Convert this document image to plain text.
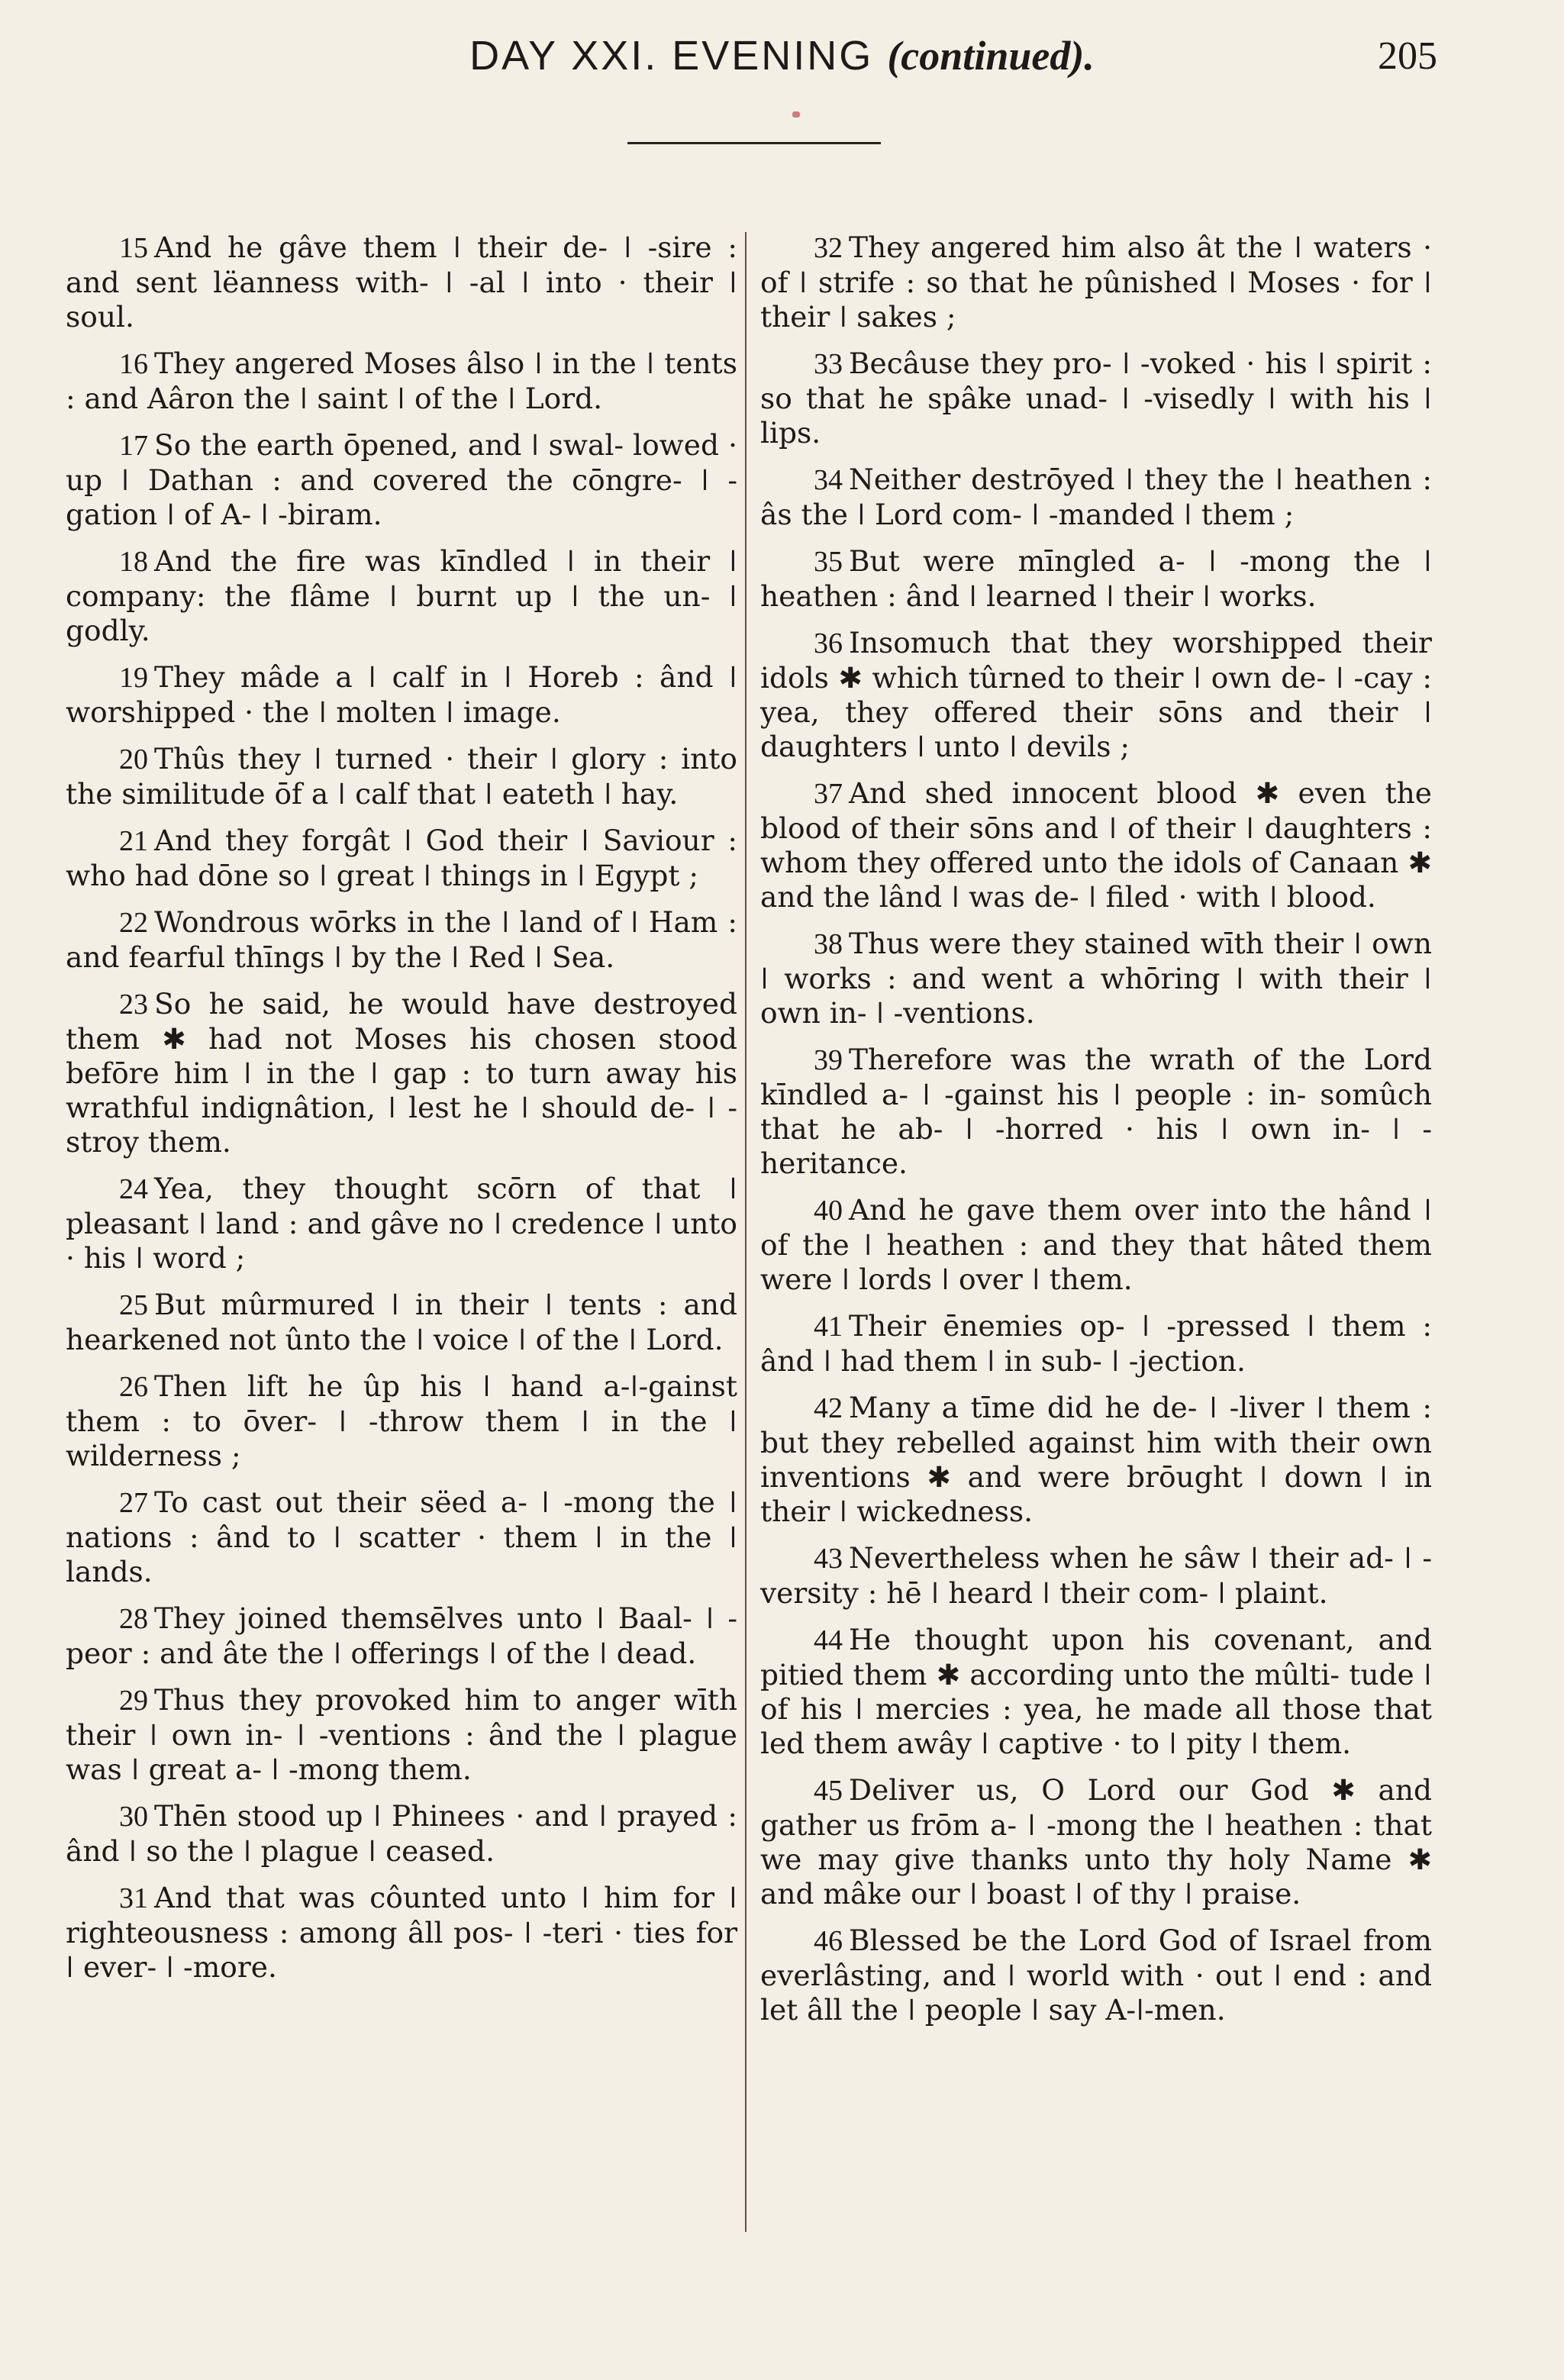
DAY XXI. EVENING (continued).	205

15 And he gâve them ǀ their de- ǀ -sire : and sent lëanness with- ǀ -al ǀ into · their ǀ soul.

16 They angered Moses âlso ǀ in the ǀ tents : and Aâron the ǀ saint ǀ of the ǀ Lord.

17 So the earth ōpened, and ǀ swal- lowed · up ǀ Dathan : and covered the cōngre- ǀ -gation ǀ of A- ǀ -biram.

18 And the fire was kīndled ǀ in their ǀ company: the flâme ǀ burnt up ǀ the un- ǀ godly.

19 They mâde a ǀ calf in ǀ Horeb : ând ǀ worshipped · the ǀ molten ǀ image.

20 Thûs they ǀ turned · their ǀ glory : into the similitude ōf a ǀ calf that ǀ eateth ǀ hay.

21 And they forgât ǀ God their ǀ Saviour : who had dōne so ǀ great ǀ things in ǀ Egypt ;

22 Wondrous wōrks in the ǀ land of ǀ Ham : and fearful thīngs ǀ by the ǀ Red ǀ Sea.

23 So he said, he would have destroyed them ✱ had not Moses his chosen stood befōre him ǀ in the ǀ gap : to turn away his wrathful indignâtion, ǀ lest he ǀ should de- ǀ -stroy them.

24 Yea, they thought scōrn of that ǀ pleasant ǀ land : and gâve no ǀ credence ǀ unto · his ǀ word ;

25 But mûrmured ǀ in their ǀ tents : and hearkened not ûnto the ǀ voice ǀ of the ǀ Lord.

26 Then lift he ûp his ǀ hand a-ǀ-gainst them : to ōver- ǀ -throw them ǀ in the ǀ wilderness ;

27 To cast out their sëed a- ǀ -mong the ǀ nations : ând to ǀ scatter · them ǀ in the ǀ lands.

28 They joined themsēlves unto ǀ Baal- ǀ -peor : and âte the ǀ offerings ǀ of the ǀ dead.

29 Thus they provoked him to anger wīth their ǀ own in- ǀ -ventions : ând the ǀ plague was ǀ great a- ǀ -mong them.

30 Thēn stood up ǀ Phinees · and ǀ prayed : ând ǀ so the ǀ plague ǀ ceased.

31 And that was côunted unto ǀ him for ǀ righteousness : among âll pos- ǀ -teri · ties for ǀ ever- ǀ -more.

32 They angered him also ât the ǀ waters · of ǀ strife : so that he pûnished ǀ Moses · for ǀ their ǀ sakes ;

33 Becâuse they pro- ǀ -voked · his ǀ spirit : so that he spâke unad- ǀ -visedly ǀ with his ǀ lips.

34 Neither destrōyed ǀ they the ǀ heathen : âs the ǀ Lord com- ǀ -manded ǀ them ;

35 But were mīngled a- ǀ -mong the ǀ heathen : ând ǀ learned ǀ their ǀ works.

36 Insomuch that they worshipped their idols ✱ which tûrned to their ǀ own de- ǀ -cay : yea, they offered their sōns and their ǀ daughters ǀ unto ǀ devils ;

37 And shed innocent blood ✱ even the blood of their sōns and ǀ of their ǀ daughters : whom they offered unto the idols of Canaan ✱ and the lând ǀ was de- ǀ filed · with ǀ blood.

38 Thus were they stained wīth their ǀ own ǀ works : and went a whōring ǀ with their ǀ own in- ǀ -ventions.

39 Therefore was the wrath of the Lord kīndled a- ǀ -gainst his ǀ people : in- somûch that he ab- ǀ -horred · his ǀ own in- ǀ -heritance.

40 And he gave them over into the hând ǀ of the ǀ heathen : and they that hâted them were ǀ lords ǀ over ǀ them.

41 Their ēnemies op- ǀ -pressed ǀ them : ând ǀ had them ǀ in sub- ǀ -jection.

42 Many a tīme did he de- ǀ -liver ǀ them : but they rebelled against him with their own inventions ✱ and were brōught ǀ down ǀ in their ǀ wickedness.

43 Nevertheless when he sâw ǀ their ad- ǀ -versity : hē ǀ heard ǀ their com- ǀ plaint.

44 He thought upon his covenant, and pitied them ✱ according unto the mûlti- tude ǀ of his ǀ mercies : yea, he made all those that led them awây ǀ captive · to ǀ pity ǀ them.

45 Deliver us, O Lord our God ✱ and gather us frōm a- ǀ -mong the ǀ heathen : that we may give thanks unto thy holy Name ✱ and mâke our ǀ boast ǀ of thy ǀ praise.

46 Blessed be the Lord God of Israel from everlâsting, and ǀ world with · out ǀ end : and let âll the ǀ people ǀ say A-ǀ-men.
